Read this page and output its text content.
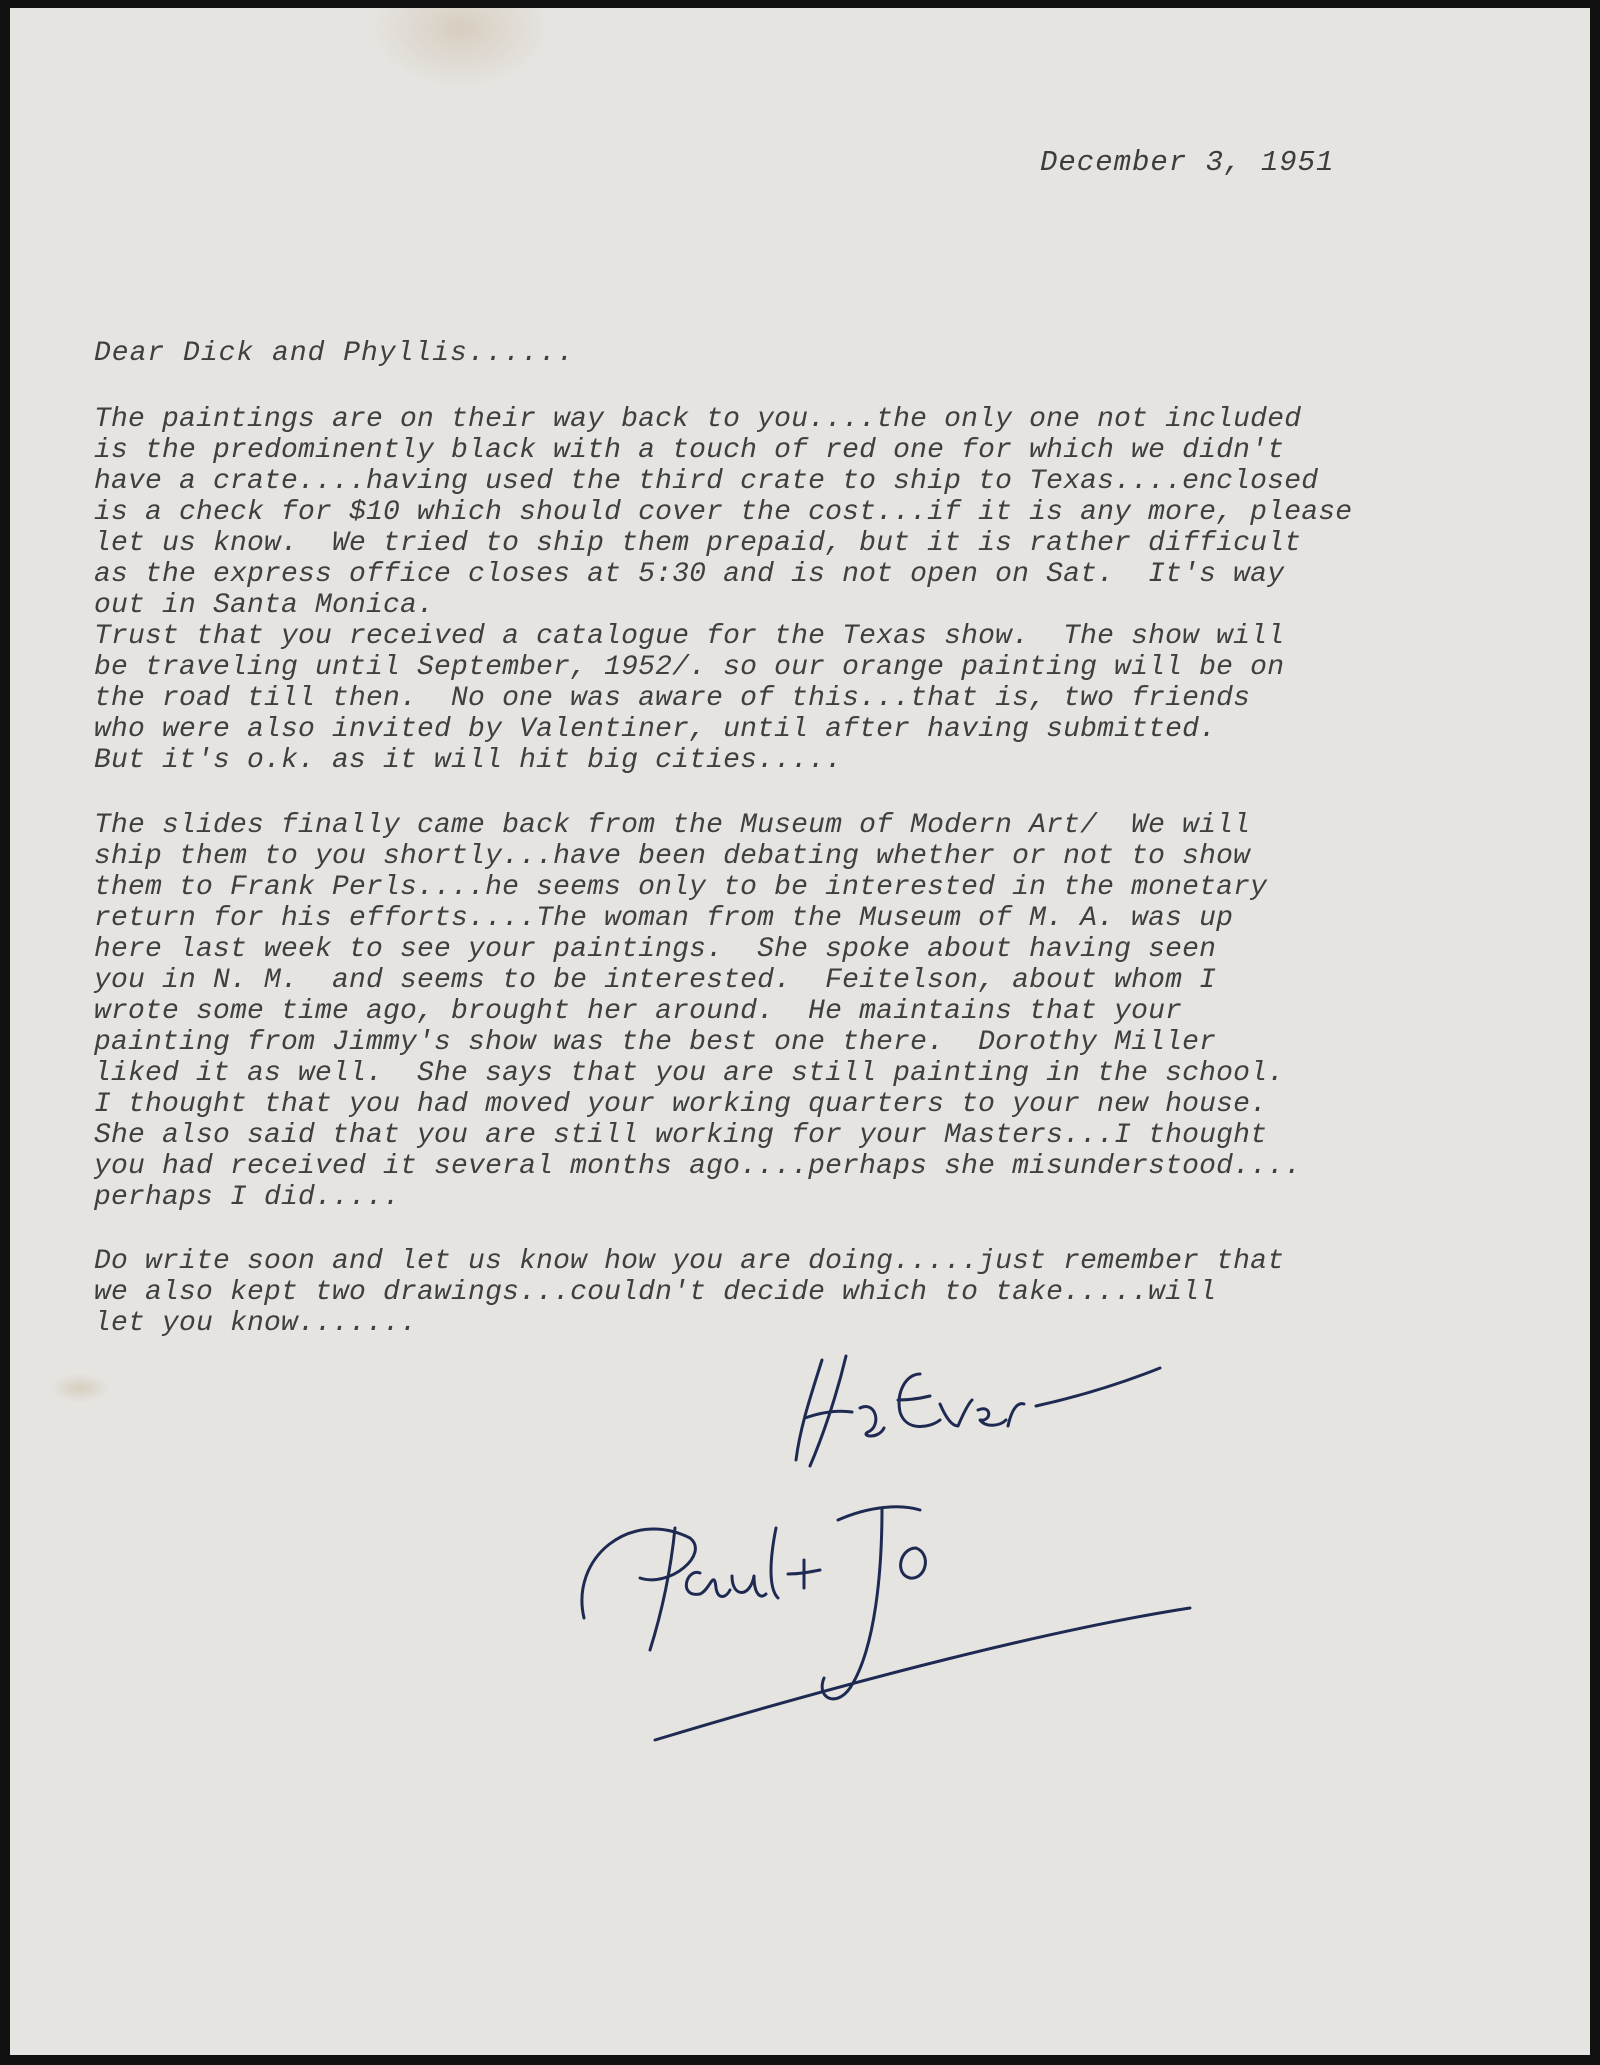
December 3, 1951
Dear Dick and Phyllis......
The paintings are on their way back to you....the only one not included
is the predominently black with a touch of red one for which we didn't
have a crate....having used the third crate to ship to Texas....enclosed
is a check for $10 which should cover the cost...if it is any more, please
let us know.  We tried to ship them prepaid, but it is rather difficult
as the express office closes at 5:30 and is not open on Sat.  It's way
out in Santa Monica.
Trust that you received a catalogue for the Texas show.  The show will
be traveling until September, 1952/. so our orange painting will be on
the road till then.  No one was aware of this...that is, two friends
who were also invited by Valentiner, until after having submitted.
But it's o.k. as it will hit big cities.....
The slides finally came back from the Museum of Modern Art/  We will
ship them to you shortly...have been debating whether or not to show
them to Frank Perls....he seems only to be interested in the monetary
return for his efforts....The woman from the Museum of M. A. was up
here last week to see your paintings.  She spoke about having seen
you in N. M.  and seems to be interested.  Feitelson, about whom I
wrote some time ago, brought her around.  He maintains that your
painting from Jimmy's show was the best one there.  Dorothy Miller
liked it as well.  She says that you are still painting in the school.
I thought that you had moved your working quarters to your new house.
She also said that you are still working for your Masters...I thought
you had received it several months ago....perhaps she misunderstood....
perhaps I did.....
Do write soon and let us know how you are doing.....just remember that
we also kept two drawings...couldn't decide which to take.....will
let you know.......
